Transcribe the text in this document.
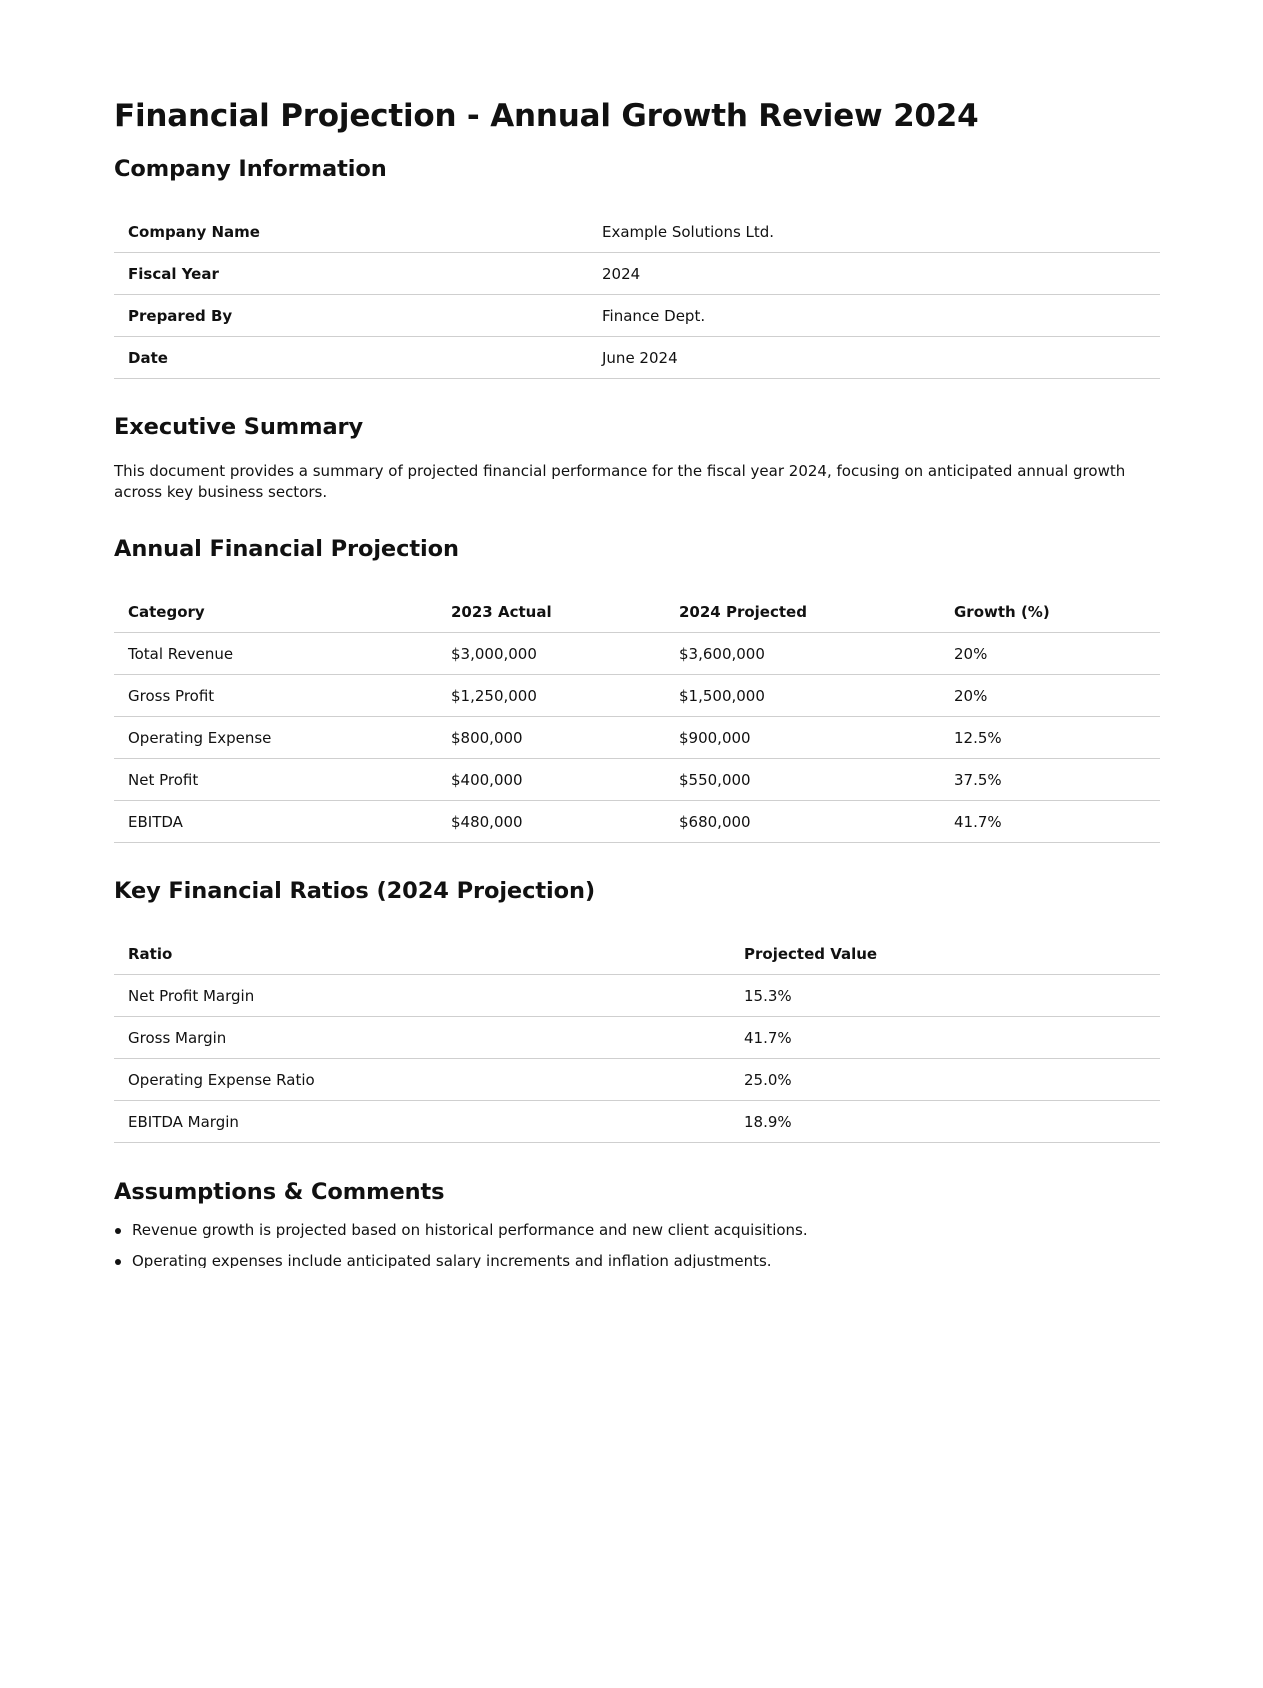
Financial Projection - Annual Growth Review 2024
Company Information
Company Name	Example Solutions Ltd.
Fiscal Year	2024
Prepared By	Finance Dept.
Date	June 2024
Executive Summary

This document provides a summary of projected financial performance for the fiscal year 2024, focusing on anticipated annual growth across key business sectors.

Annual Financial Projection
Category	2023 Actual	2024 Projected	Growth (%)
Total Revenue	$3,000,000	$3,600,000	20%
Gross Profit	$1,250,000	$1,500,000	20%
Operating Expense	$800,000	$900,000	12.5%
Net Profit	$400,000	$550,000	37.5%
EBITDA	$480,000	$680,000	41.7%
Key Financial Ratios (2024 Projection)
Ratio	Projected Value
Net Profit Margin	15.3%
Gross Margin	41.7%
Operating Expense Ratio	25.0%
EBITDA Margin	18.9%
Assumptions & Comments
Revenue growth is projected based on historical performance and new client acquisitions.
Operating expenses include anticipated salary increments and inflation adjustments.
